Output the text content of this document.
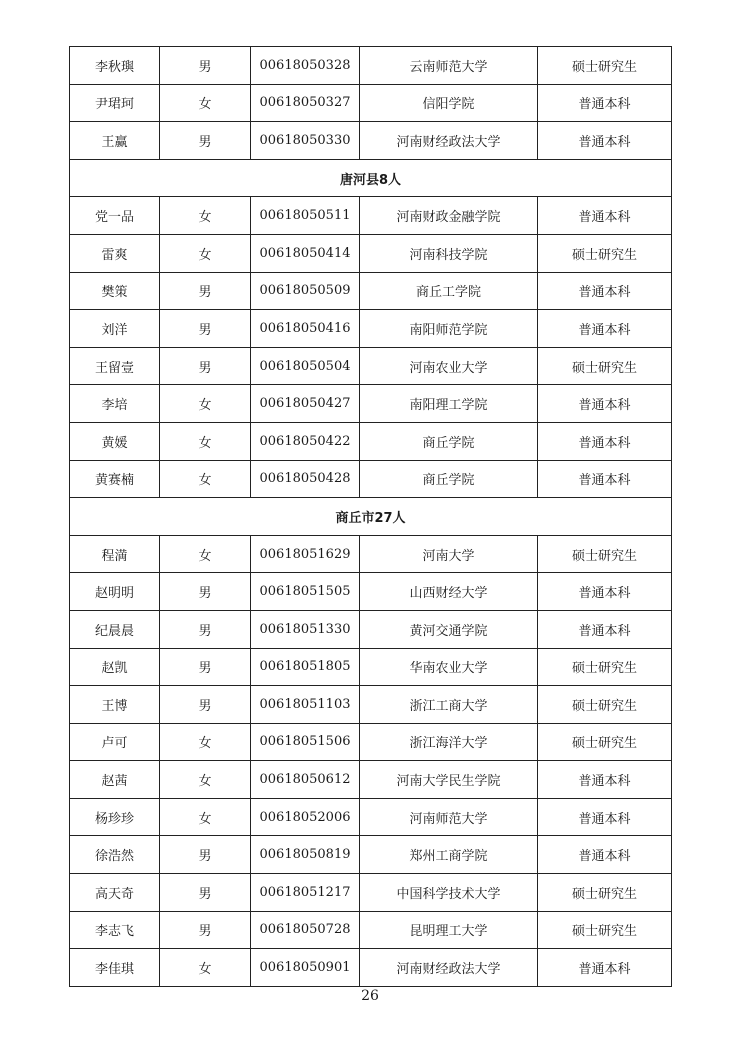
李秋璵	男	00618050328	云南师范大学	硕士研究生
尹珺珂	女	00618050327	信阳学院	普通本科
王赢	男	00618050330	河南财经政法大学	普通本科
唐河县8人				
党一品	女	00618050511	河南财政金融学院	普通本科
雷爽	女	00618050414	河南科技学院	硕士研究生
樊策	男	00618050509	商丘工学院	普通本科
刘洋	男	00618050416	南阳师范学院	普通本科
王留壹	男	00618050504	河南农业大学	硕士研究生
李培	女	00618050427	南阳理工学院	普通本科
黄媛	女	00618050422	商丘学院	普通本科
黄赛楠	女	00618050428	商丘学院	普通本科
商丘市27人				
程満	女	00618051629	河南大学	硕士研究生
赵明明	男	00618051505	山西财经大学	普通本科
纪晨晨	男	00618051330	黄河交通学院	普通本科
赵凯	男	00618051805	华南农业大学	硕士研究生
王博	男	00618051103	浙江工商大学	硕士研究生
卢可	女	00618051506	浙江海洋大学	硕士研究生
赵茜	女	00618050612	河南大学民生学院	普通本科
杨珍珍	女	00618052006	河南师范大学	普通本科
徐浩然	男	00618050819	郑州工商学院	普通本科
高天奇	男	00618051217	中国科学技术大学	硕士研究生
李志飞	男	00618050728	昆明理工大学	硕士研究生
李佳琪	女	00618050901	河南财经政法大学	普通本科
26
